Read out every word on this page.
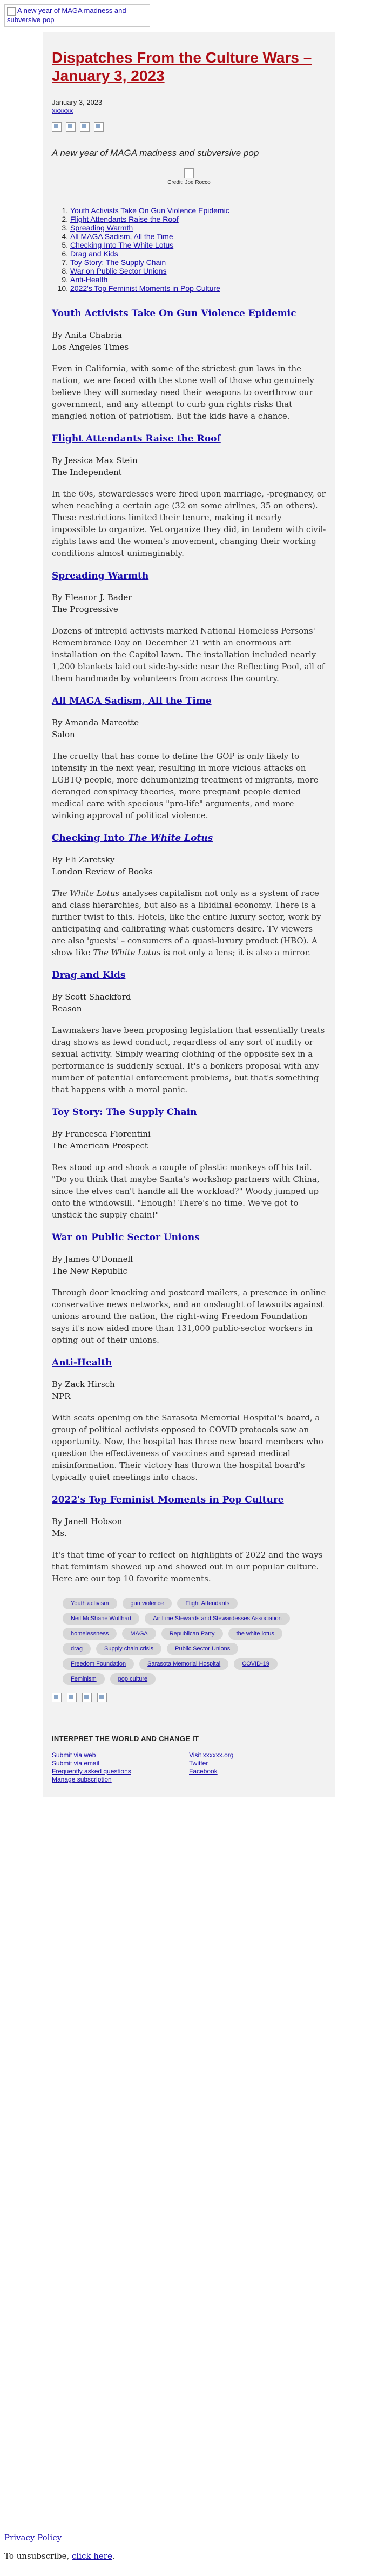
A new year of MAGA madness and subversive pop
Dispatches From the Culture Wars – January 3, 2023
January 3, 2023
xxxxxx
A new year of MAGA madness and subversive pop

Credit: Joe Rocco
1. Youth Activists Take On Gun Violence Epidemic
2. Flight Attendants Raise the Roof
3. Spreading Warmth
4. All MAGA Sadism, All the Time
5. Checking Into The White Lotus
6. Drag and Kids
7. Toy Story: The Supply Chain
8. War on Public Sector Unions
9. Anti-Health
10. 2022's Top Feminist Moments in Pop Culture
Youth Activists Take On Gun Violence Epidemic
By Anita Chabria
Los Angeles Times

Even in California, with some of the strictest gun laws in the nation, we are faced with the stone wall of those who genuinely believe they will someday need their weapons to overthrow our government, and any attempt to curb gun rights risks that mangled notion of patriotism. But the kids have a chance.

Flight Attendants Raise the Roof
By Jessica Max Stein
The Independent

In the 60s, stewardesses were fired upon marriage, -pregnancy, or when reaching a certain age (32 on some airlines, 35 on others). These restrictions limited their tenure, making it nearly impossible to organize. Yet organize they did, in tandem with civil-rights laws and the women's movement, changing their working conditions almost unimaginably.

Spreading Warmth
By Eleanor J. Bader
The Progressive

Dozens of intrepid activists marked National Homeless Persons' Remembrance Day on December 21 with an enormous art installation on the Capitol lawn. The installation included nearly 1,200 blankets laid out side-by-side near the Reflecting Pool, all of them handmade by volunteers from across the country.

All MAGA Sadism, All the Time
By Amanda Marcotte
Salon

The cruelty that has come to define the GOP is only likely to intensify in the next year, resulting in more vicious attacks on LGBTQ people, more dehumanizing treatment of migrants, more deranged conspiracy theories, more pregnant people denied medical care with specious "pro-life" arguments, and more winking approval of political violence.

Checking Into The White Lotus
By Eli Zaretsky
London Review of Books

The White Lotus analyses capitalism not only as a system of race and class hierarchies, but also as a libidinal economy. There is a further twist to this. Hotels, like the entire luxury sector, work by anticipating and calibrating what customers desire. TV viewers are also 'guests' – consumers of a quasi-luxury product (HBO). A show like The White Lotus is not only a lens; it is also a mirror.

Drag and Kids
By Scott Shackford
Reason

Lawmakers have been proposing legislation that essentially treats drag shows as lewd conduct, regardless of any sort of nudity or sexual activity. Simply wearing clothing of the opposite sex in a performance is suddenly sexual. It's a bonkers proposal with any number of potential enforcement problems, but that's something that happens with a moral panic.

Toy Story: The Supply Chain
By Francesca Fiorentini
The American Prospect

Rex stood up and shook a couple of plastic monkeys off his tail. "Do you think that maybe Santa's workshop partners with China, since the elves can't handle all the workload?" Woody jumped up onto the windowsill. "Enough! There's no time. We've got to unstick the supply chain!"

War on Public Sector Unions
By James O'Donnell
The New Republic

Through door knocking and postcard mailers, a presence in online conservative news networks, and an onslaught of lawsuits against unions around the nation, the right-wing Freedom Foundation says it's now aided more than 131,000 public-sector workers in opting out of their unions.

Anti-Health
By Zack Hirsch
NPR

With seats opening on the Sarasota Memorial Hospital's board, a group of political activists opposed to COVID protocols saw an opportunity. Now, the hospital has three new board members who question the effectiveness of vaccines and spread medical misinformation. Their victory has thrown the hospital board's typically quiet meetings into chaos.

2022's Top Feminist Moments in Pop Culture
By Janell Hobson
Ms.

It's that time of year to reflect on highlights of 2022 and the ways that feminism showed up and showed out in our popular culture. Here are our top 10 favorite moments.

Youth activism	gun violence	Flight Attendants
Neil McShane Wulfhart	Air Line Stewards and Stewardesses Association
homelessness	MAGA	Republican Party	the white lotus
drag	Supply chain crisis	Public Sector Unions
Freedom Foundation	Sarasota Memorial Hospital	COVID-19
Feminism	pop culture
INTERPRET THE WORLD AND CHANGE IT
Submit via web
Submit via email
Frequently asked questions
Manage subscription
Visit xxxxxx.org
Twitter
Facebook
Privacy Policy
To unsubscribe, click here.
